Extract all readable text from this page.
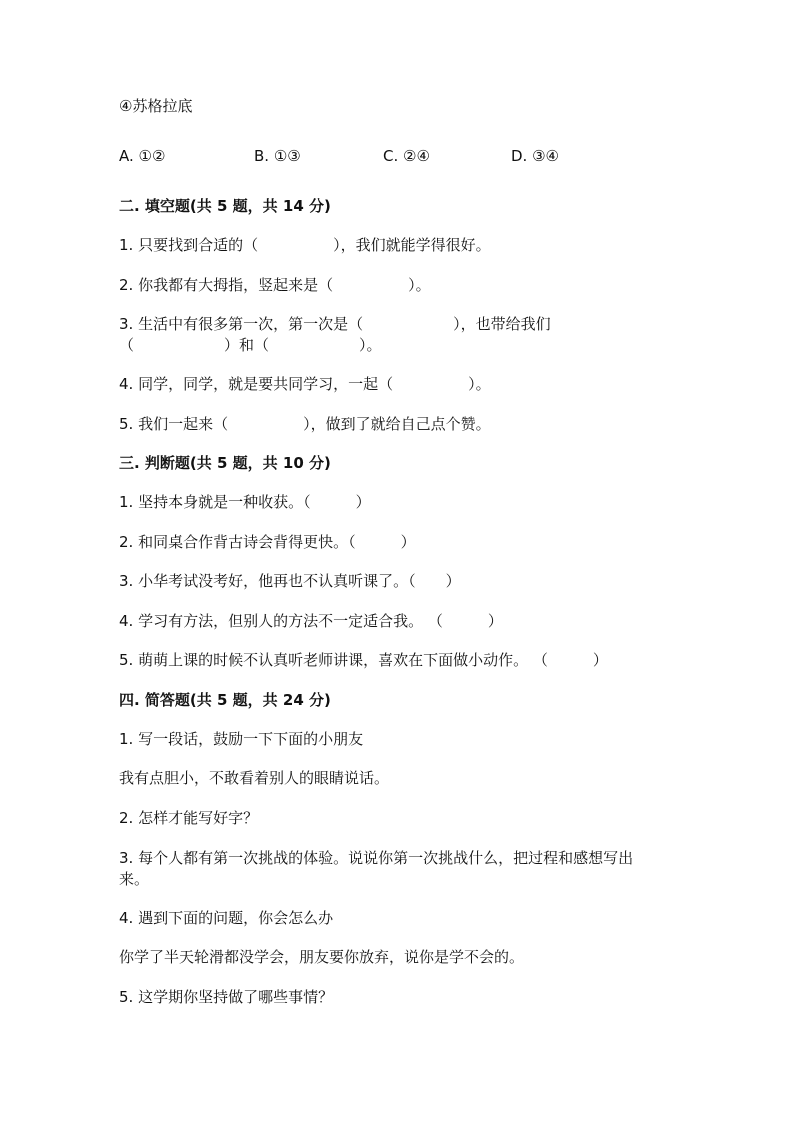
④苏格拉底
A. ①②	B. ①③	C. ②④	D. ③④
二. 填空题(共 5 题，共 14 分)
1. 只要找到合适的（　　　　　），我们就能学得很好。
2. 你我都有大拇指，竖起来是（　　　　　）。
3. 生活中有很多第一次，第一次是（　　　　　　），也带给我们
（　　　　　　）和（　　　　　　）。
4. 同学，同学，就是要共同学习，一起（　　　　　）。
5. 我们一起来（　　　　　），做到了就给自己点个赞。
三. 判断题(共 5 题，共 10 分)
1. 坚持本身就是一种收获。（　　　）
2. 和同桌合作背古诗会背得更快。（　　　）
3. 小华考试没考好，他再也不认真听课了。（　　）
4. 学习有方法，但别人的方法不一定适合我。 （　　　）
5. 萌萌上课的时候不认真听老师讲课，喜欢在下面做小动作。 （　　　）
四. 简答题(共 5 题，共 24 分)
1. 写一段话，鼓励一下下面的小朋友
我有点胆小，不敢看着别人的眼睛说话。
2. 怎样才能写好字？
3. 每个人都有第一次挑战的体验。说说你第一次挑战什么，把过程和感想写出
来。
4. 遇到下面的问题，你会怎么办
你学了半天轮滑都没学会，朋友要你放弃，说你是学不会的。
5. 这学期你坚持做了哪些事情？
